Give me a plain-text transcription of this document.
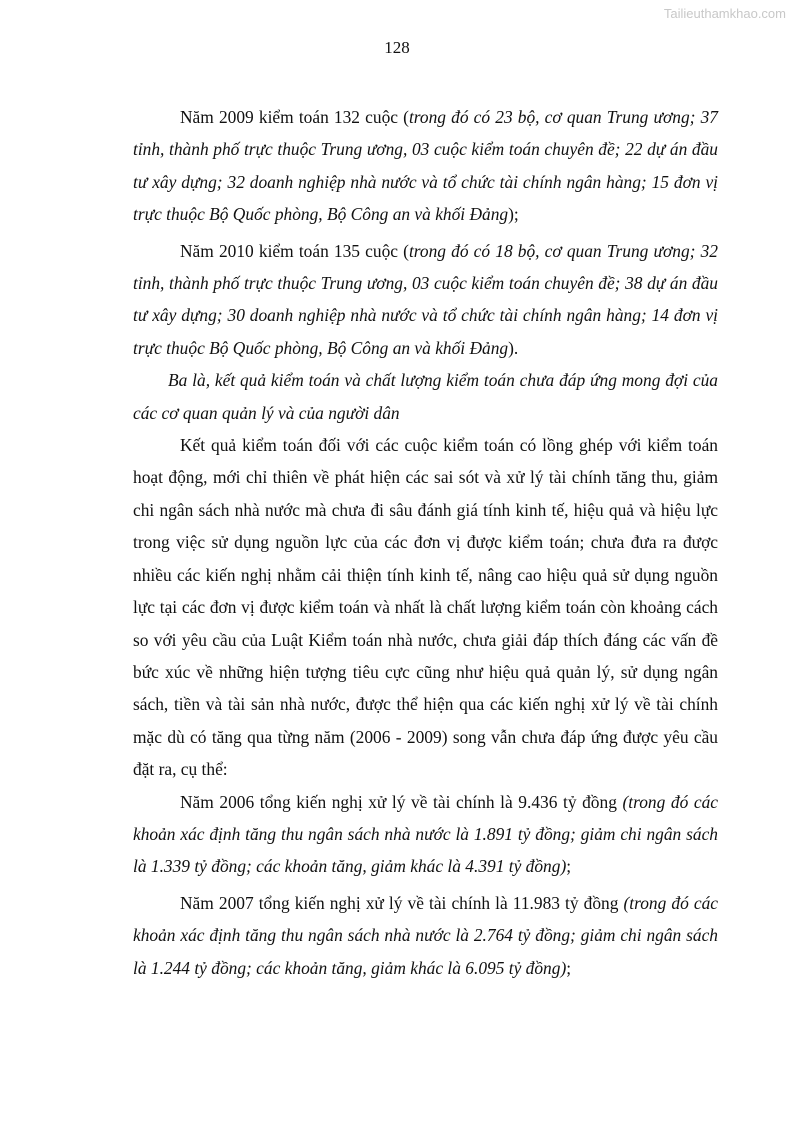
Tailieuthamkhao.com
128

Năm 2009 kiểm toán 132 cuộc (trong đó có 23 bộ, cơ quan Trung ương; 37 tỉnh, thành phố trực thuộc Trung ương, 03 cuộc kiểm toán chuyên đề; 22 dự án đầu tư xây dựng; 32 doanh nghiệp nhà nước và tổ chức tài chính ngân hàng; 15 đơn vị trực thuộc Bộ Quốc phòng, Bộ Công an và khối Đảng);

Năm 2010 kiểm toán 135 cuộc (trong đó có 18 bộ, cơ quan Trung ương; 32 tỉnh, thành phố trực thuộc Trung ương, 03 cuộc kiểm toán chuyên đề; 38 dự án đầu tư xây dựng; 30 doanh nghiệp nhà nước và tổ chức tài chính ngân hàng; 14 đơn vị trực thuộc Bộ Quốc phòng, Bộ Công an và khối Đảng).

Ba là, kết quả kiểm toán và chất lượng kiểm toán chưa đáp ứng mong đợi của các cơ quan quản lý và của người dân

Kết quả kiểm toán đối với các cuộc kiểm toán có lồng ghép với kiểm toán hoạt động, mới chỉ thiên về phát hiện các sai sót và xử lý tài chính tăng thu, giảm chi ngân sách nhà nước mà chưa đi sâu đánh giá tính kinh tế, hiệu quả và hiệu lực trong việc sử dụng nguồn lực của các đơn vị được kiểm toán; chưa đưa ra được nhiều các kiến nghị nhằm cải thiện tính kinh tế, nâng cao hiệu quả sử dụng nguồn lực tại các đơn vị được kiểm toán và nhất là chất lượng kiểm toán còn khoảng cách so với yêu cầu của Luật Kiểm toán nhà nước, chưa giải đáp thích đáng các vấn đề bức xúc về những hiện tượng tiêu cực cũng như hiệu quả quản lý, sử dụng ngân sách, tiền và tài sản nhà nước, được thể hiện qua các kiến nghị xử lý về tài chính mặc dù có tăng qua từng năm (2006 - 2009) song vẫn chưa đáp ứng được yêu cầu đặt ra, cụ thể:

Năm 2006 tổng kiến nghị xử lý về tài chính là 9.436 tỷ đồng (trong đó các khoản xác định tăng thu ngân sách nhà nước là 1.891 tỷ đồng; giảm chi ngân sách là 1.339 tỷ đồng; các khoản tăng, giảm khác là 4.391 tỷ đồng);

Năm 2007 tổng kiến nghị xử lý về tài chính là 11.983 tỷ đồng (trong đó các khoản xác định tăng thu ngân sách nhà nước là 2.764 tỷ đồng; giảm chi ngân sách là 1.244 tỷ đồng; các khoản tăng, giảm khác là 6.095 tỷ đồng);
